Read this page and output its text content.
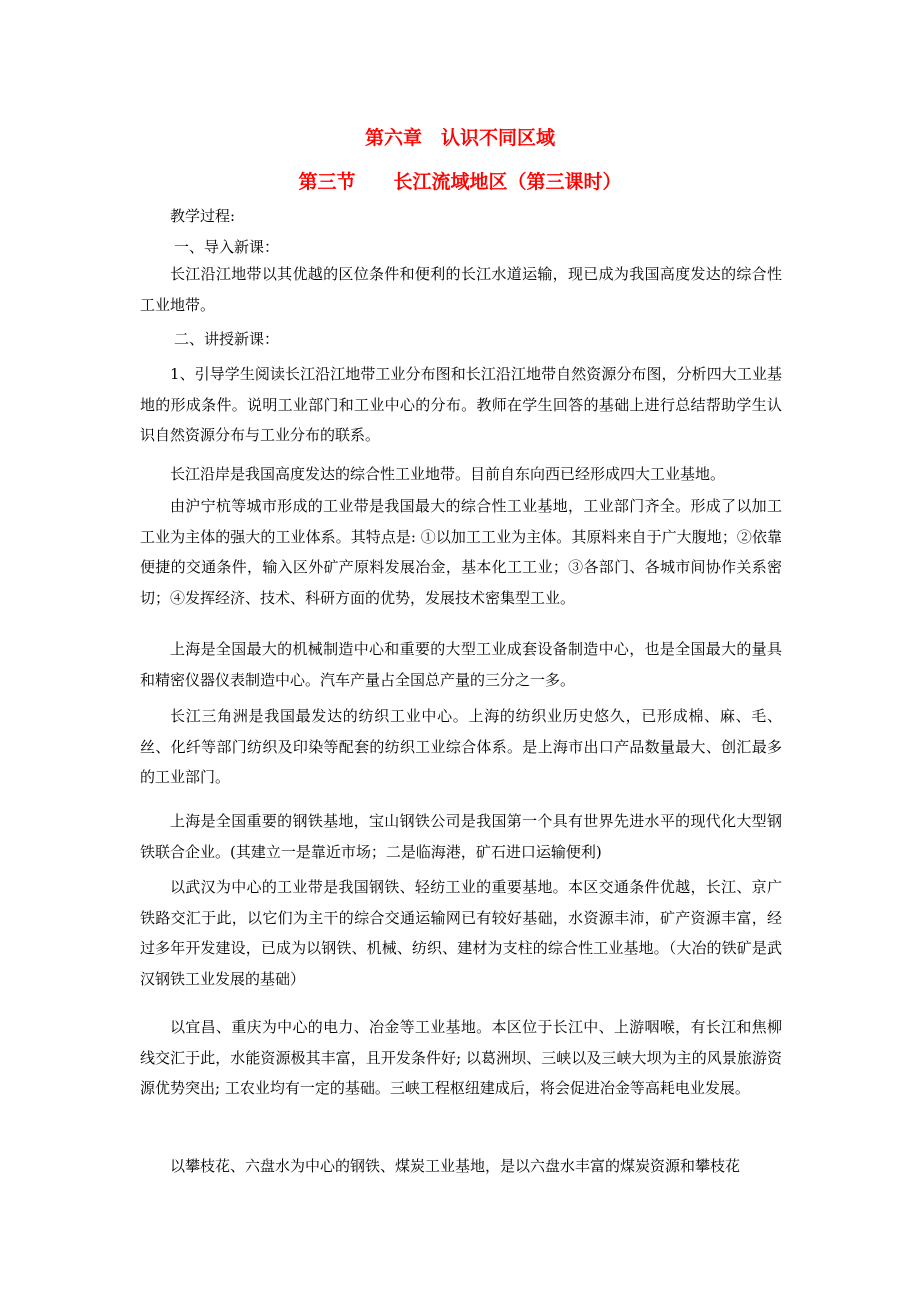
第六章　认识不同区域
第三节　　长江流域地区（第三课时）
教学过程:
一、导入新课：

长江沿江地带以其优越的区位条件和便利的长江水道运输，现已成为我国高度发达的综合性工业地带。

二、讲授新课：

1、引导学生阅读长江沿江地带工业分布图和长江沿江地带自然资源分布图，分析四大工业基地的形成条件。说明工业部门和工业中心的分布。教师在学生回答的基础上进行总结帮助学生认识自然资源分布与工业分布的联系。

长江沿岸是我国高度发达的综合性工业地带。目前自东向西已经形成四大工业基地。

由沪宁杭等城市形成的工业带是我国最大的综合性工业基地，工业部门齐全。形成了以加工工业为主体的强大的工业体系。其特点是: ①以加工工业为主体。其原料来自于广大腹地；②依靠便捷的交通条件，输入区外矿产原料发展冶金，基本化工工业；③各部门、各城市间协作关系密切；④发挥经济、技术、科研方面的优势，发展技术密集型工业。

上海是全国最大的机械制造中心和重要的大型工业成套设备制造中心，也是全国最大的量具和精密仪器仪表制造中心。汽车产量占全国总产量的三分之一多。

长江三角洲是我国最发达的纺织工业中心。上海的纺织业历史悠久，已形成棉、麻、毛、丝、化纤等部门纺织及印染等配套的纺织工业综合体系。是上海市出口产品数量最大、创汇最多的工业部门。

上海是全国重要的钢铁基地，宝山钢铁公司是我国第一个具有世界先进水平的现代化大型钢铁联合企业。(其建立一是靠近市场；二是临海港，矿石进口运输便利)

以武汉为中心的工业带是我国钢铁、轻纺工业的重要基地。本区交通条件优越，长江、京广铁路交汇于此，以它们为主干的综合交通运输网已有较好基础，水资源丰沛，矿产资源丰富，经过多年开发建设，已成为以钢铁、机械、纺织、建材为支柱的综合性工业基地。（大冶的铁矿是武汉钢铁工业发展的基础）

以宜昌、重庆为中心的电力、冶金等工业基地。本区位于长江中、上游咽喉，有长江和焦柳线交汇于此，水能资源极其丰富，且开发条件好; 以葛洲坝、三峡以及三峡大坝为主的风景旅游资源优势突出; 工农业均有一定的基础。三峡工程枢纽建成后，将会促进冶金等高耗电业发展。

以攀枝花、六盘水为中心的钢铁、煤炭工业基地，是以六盘水丰富的煤炭资源和攀枝花
